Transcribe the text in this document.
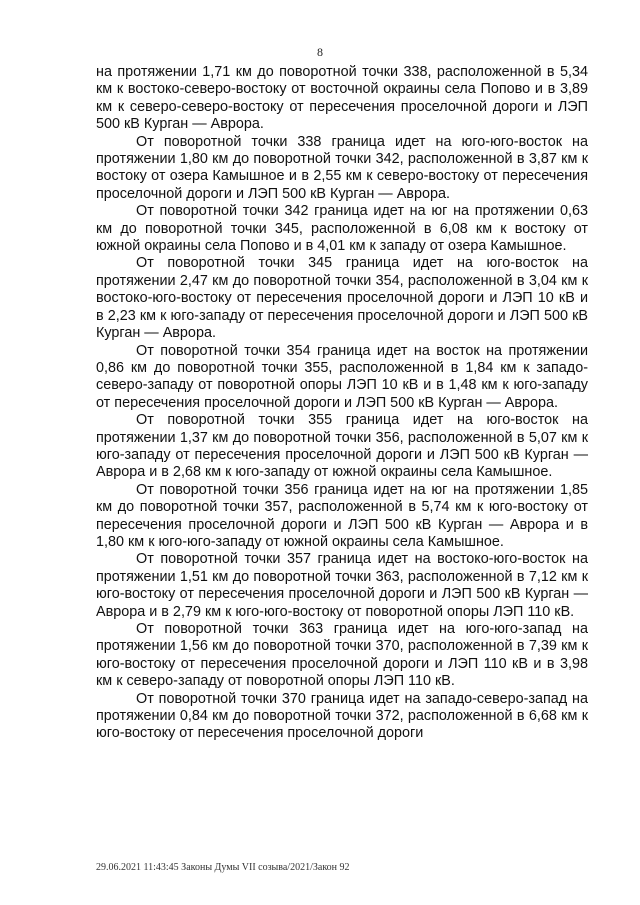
8

на протяжении 1,71 км до поворотной точки 338, расположенной в 5,34 км к востоко-северо-востоку от восточной окраины села Попово и в 3,89 км к северо-северо-востоку от пересечения проселочной дороги и ЛЭП 500 кВ Курган — Аврора.

От поворотной точки 338 граница идет на юго-юго-восток на протяжении 1,80 км до поворотной точки 342, расположенной в 3,87 км к востоку от озера Камышное и в 2,55 км к северо-востоку от пересечения проселочной дороги и ЛЭП 500 кВ Курган — Аврора.

От поворотной точки 342 граница идет на юг на протяжении 0,63 км до поворотной точки 345, расположенной в 6,08 км к востоку от южной окраины села Попово и в 4,01 км к западу от озера Камышное.

От поворотной точки 345 граница идет на юго-восток на протяжении 2,47 км до поворотной точки 354, расположенной в 3,04 км к востоко-юго-востоку от пересечения проселочной дороги и ЛЭП 10 кВ и в 2,23 км к юго-западу от пересечения проселочной дороги и ЛЭП 500 кВ Курган — Аврора.

От поворотной точки 354 граница идет на восток на протяжении 0,86 км до поворотной точки 355, расположенной в 1,84 км к западо-северо-западу от поворотной опоры ЛЭП 10 кВ и в 1,48 км к юго-западу от пересечения проселочной дороги и ЛЭП 500 кВ Курган — Аврора.

От поворотной точки 355 граница идет на юго-восток на протяжении 1,37 км до поворотной точки 356, расположенной в 5,07 км к юго-западу от пересечения проселочной дороги и ЛЭП 500 кВ Курган — Аврора и в 2,68 км к юго-западу от южной окраины села Камышное.

От поворотной точки 356 граница идет на юг на протяжении 1,85 км до поворотной точки 357, расположенной в 5,74 км к юго-востоку от пересечения проселочной дороги и ЛЭП 500 кВ Курган — Аврора и в 1,80 км к юго-юго-западу от южной окраины села Камышное.

От поворотной точки 357 граница идет на востоко-юго-восток на протяжении 1,51 км до поворотной точки 363, расположенной в 7,12 км к юго-востоку от пересечения проселочной дороги и ЛЭП 500 кВ Курган — Аврора и в 2,79 км к юго-юго-востоку от поворотной опоры ЛЭП 110 кВ.

От поворотной точки 363 граница идет на юго-юго-запад на протяжении 1,56 км до поворотной точки 370, расположенной в 7,39 км к юго-востоку от пересечения проселочной дороги и ЛЭП 110 кВ и в 3,98 км к северо-западу от поворотной опоры ЛЭП 110 кВ.

От поворотной точки 370 граница идет на западо-северо-запад на протяжении 0,84 км до поворотной точки 372, расположенной в 6,68 км к юго-востоку от пересечения проселочной дороги

29.06.2021 11:43:45 Законы Думы VII созыва/2021/Закон 92
